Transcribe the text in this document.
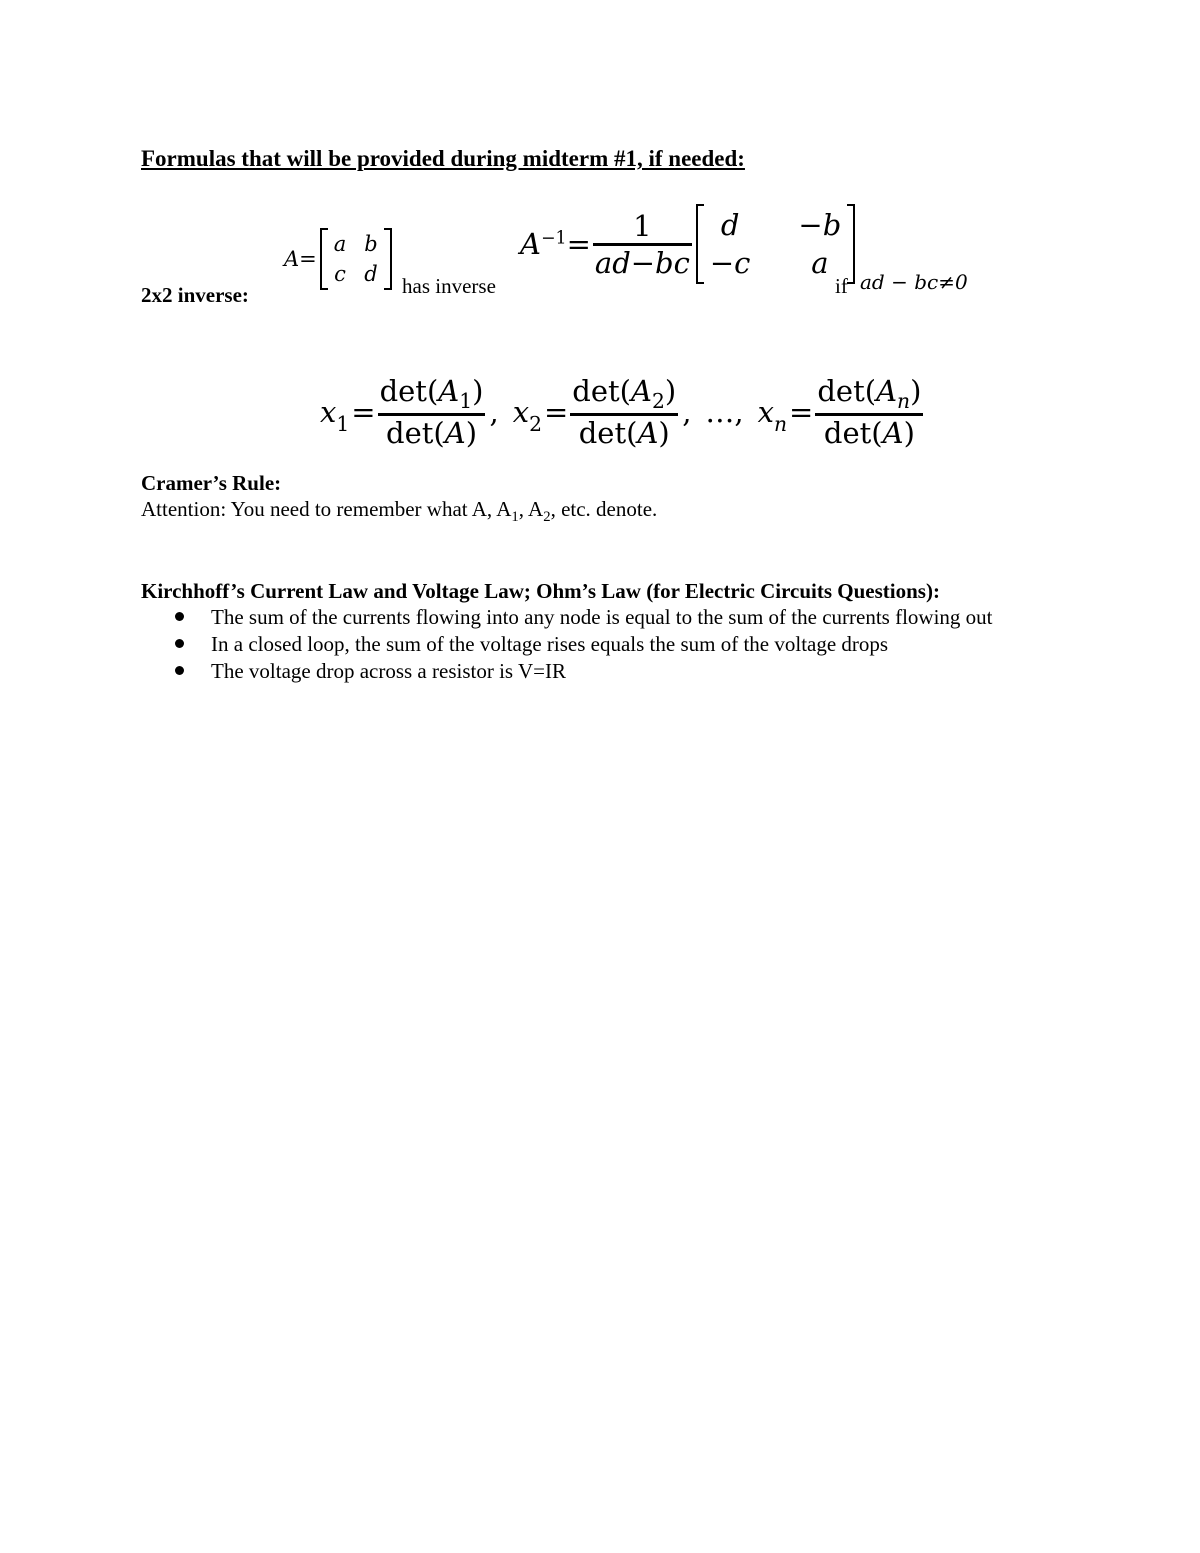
Formulas that will be provided during midterm #1, if needed:
2x2 inverse:
A=
a b
c d has inverse
$A^{-1}= \frac{1}{ad-bc}$ d	−b
−c	a
if ad − bc≠0
$x_1 = \frac{\det(A_1)}{\det(A)}$ , $x_2 = \frac{\det(A_2)}{\det(A)}$ , …, $x_n = \frac{\det(A_n)}{\det(A)}$
Cramer’s Rule:
Attention: You need to remember what A, $A_1$, $A_2$, etc. denote.
Kirchhoff’s Current Law and Voltage Law; Ohm’s Law (for Electric Circuits Questions):
The sum of the currents flowing into any node is equal to the sum of the currents flowing out
In a closed loop, the sum of the voltage rises equals the sum of the voltage drops
The voltage drop across a resistor is V=IR
